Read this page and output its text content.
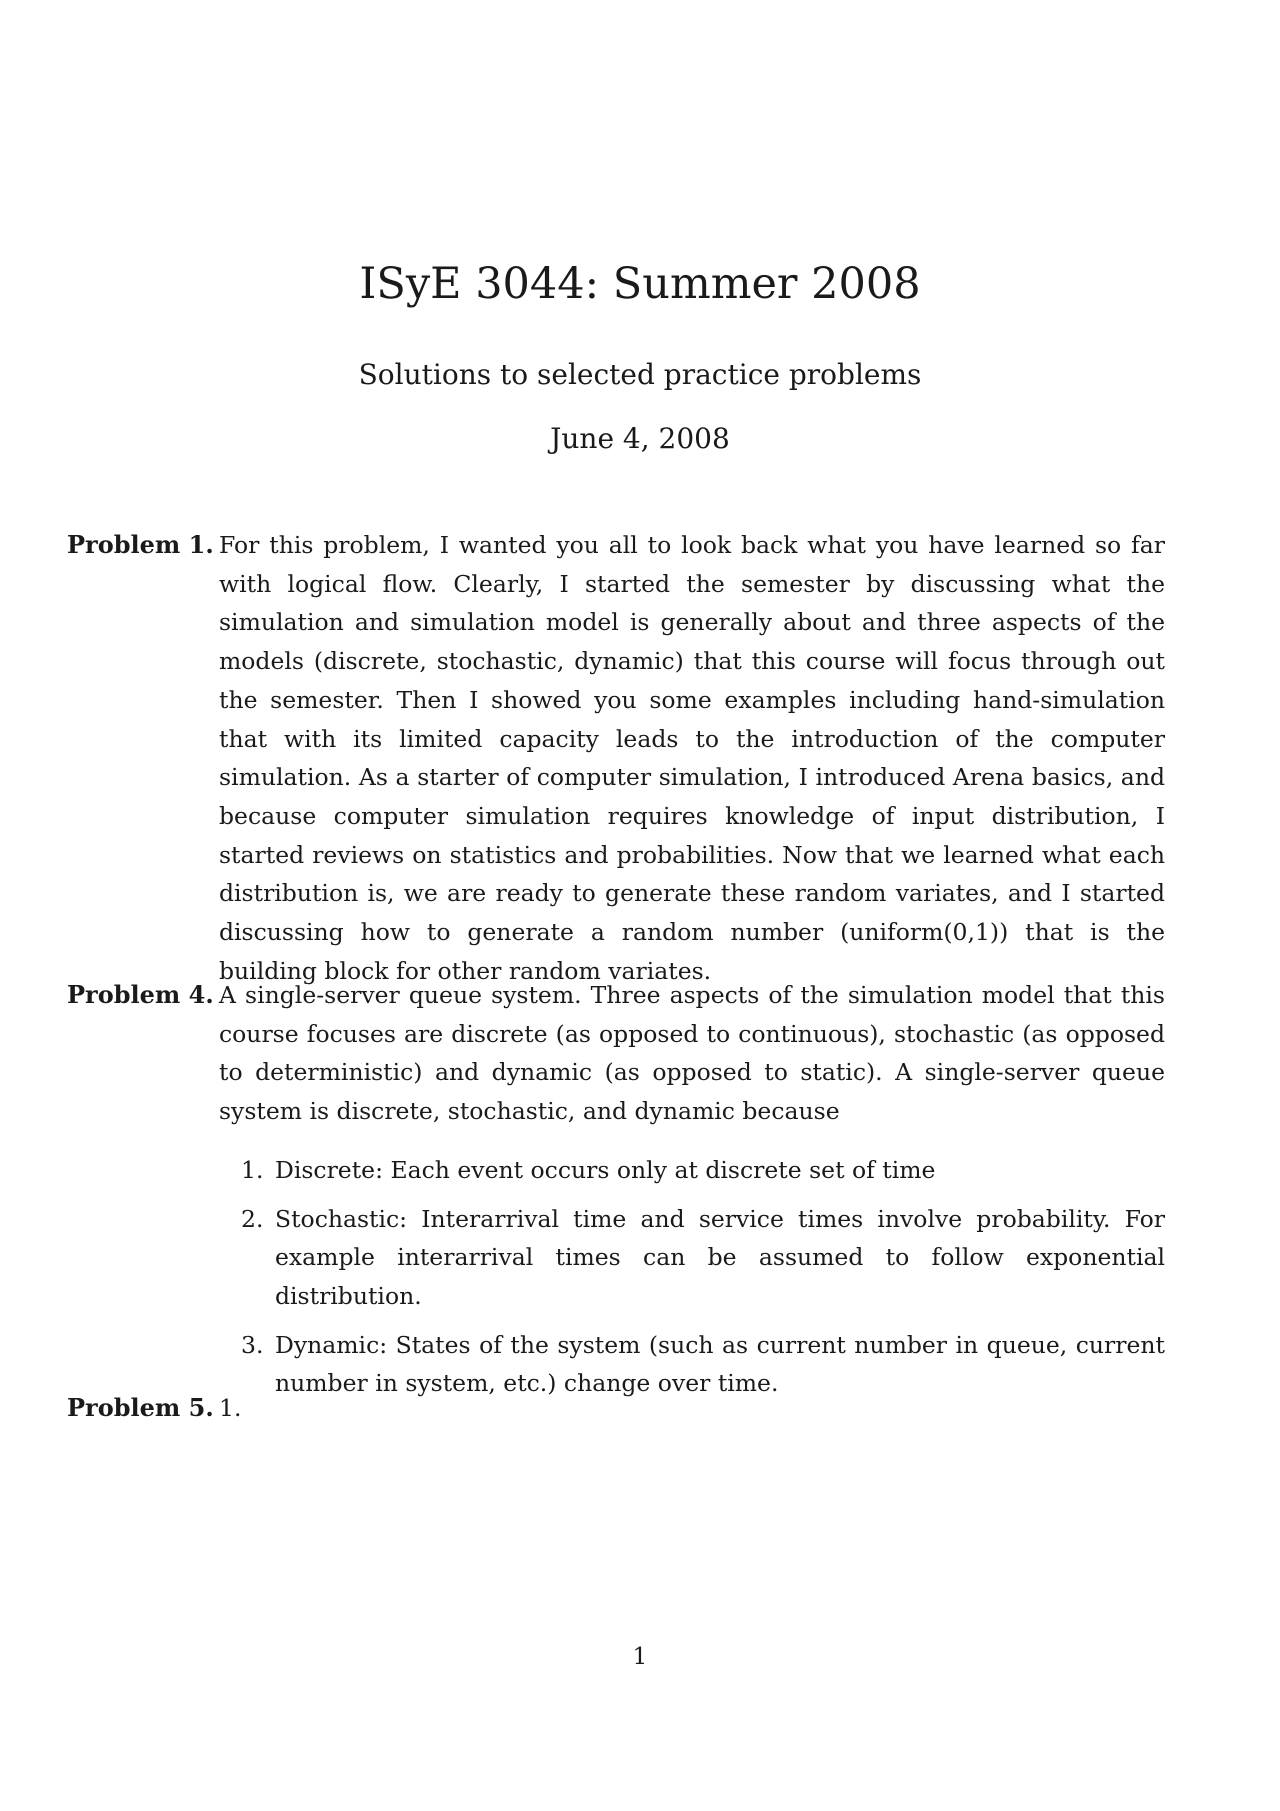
ISyE 3044: Summer 2008
Solutions to selected practice problems
June 4, 2008
Problem 1. For this problem, I wanted you all to look back what you have learned so far with logical flow. Clearly, I started the semester by discussing what the simulation and simulation model is generally about and three aspects of the models (discrete, stochastic, dynamic) that this course will focus through out the semester. Then I showed you some examples including hand-simulation that with its limited capacity leads to the introduction of the computer simulation. As a starter of computer simulation, I introduced Arena basics, and because computer simulation requires knowledge of input distribution, I started reviews on statistics and probabilities. Now that we learned what each distribution is, we are ready to generate these random variates, and I started discussing how to generate a random number (uniform(0,1)) that is the building block for other random variates.
Problem 4. A single-server queue system. Three aspects of the simulation model that this course focuses are discrete (as opposed to continuous), stochastic (as opposed to deterministic) and dynamic (as opposed to static). A single-server queue system is discrete, stochastic, and dynamic because
1. Discrete: Each event occurs only at discrete set of time
2. Stochastic: Interarrival time and service times involve probability. For example interarrival times can be assumed to follow exponential distribution.
3. Dynamic: States of the system (such as current number in queue, current number in system, etc.) change over time.
Problem 5. 1.
1
